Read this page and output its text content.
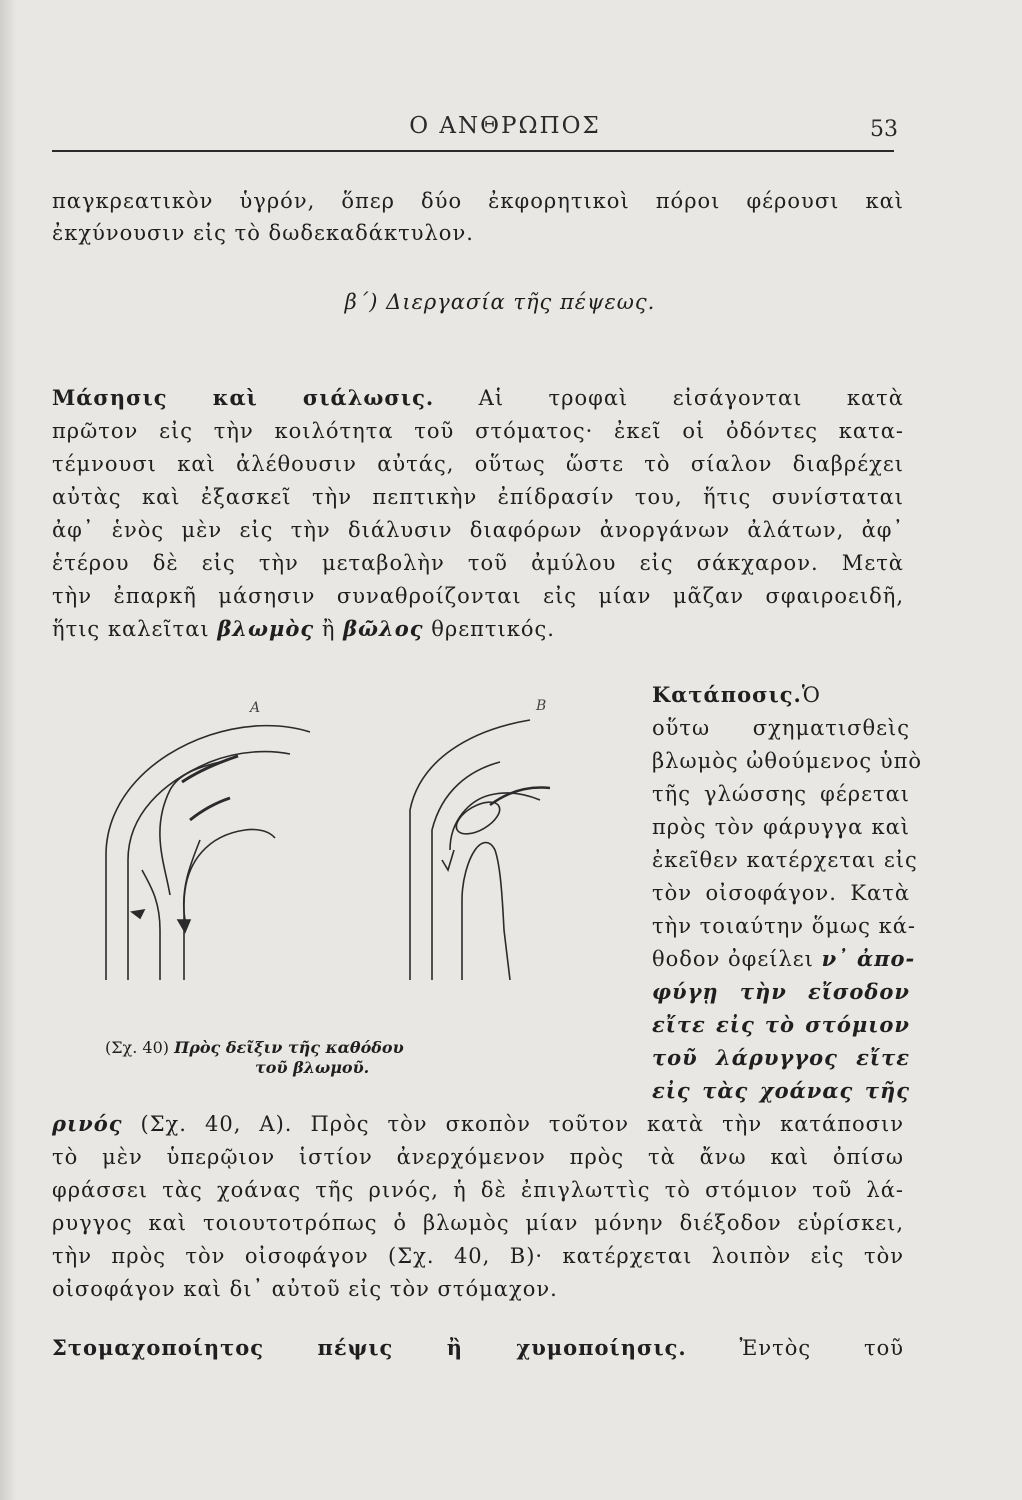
Ο ΑΝΘΡΩΠΟΣ	53
παγκρεατικὸν ὑγρόν, ὅπερ δύο ἐκφορητικοὶ πόροι φέρουσι καὶ
ἐκχύνουσιν εἰς τὸ δωδεκαδάκτυλον.
β΄) Διεργασία τῆς πέψεως.
Μάσησις καὶ σιάλωσις. Αἱ τροφαὶ εἰσάγονται κατὰ
πρῶτον εἰς τὴν κοιλότητα τοῦ στόματος· ἐκεῖ οἱ ὀδόντες κατα-
τέμνουσι καὶ ἀλέθουσιν αὐτάς, οὕτως ὥστε τὸ σίαλον διαβρέχει
αὐτὰς καὶ ἐξασκεῖ τὴν πεπτικὴν ἐπίδρασίν του, ἥτις συνίσταται
ἀφ᾽ ἑνὸς μὲν εἰς τὴν διάλυσιν διαφόρων ἀνοργάνων ἀλάτων, ἀφ᾽
ἑτέρου δὲ εἰς τὴν μεταβολὴν τοῦ ἀμύλου εἰς σάκχαρον. Μετὰ
τὴν ἐπαρκῆ μάσησιν συναθροίζονται εἰς μίαν μᾶζαν σφαιροειδῆ,
ἥτις καλεῖται βλωμὸς ἢ βῶλος θρεπτικός.
Κατάποσις.Ὁ
οὕτω σχηματισθεὶς
βλωμὸς ὠθούμενος ὑπὸ
τῆς γλώσσης φέρεται
πρὸς τὸν φάρυγγα καὶ
ἐκεῖθεν κατέρχεται εἰς
τὸν οἰσοφάγον. Κατὰ
τὴν τοιαύτην ὅμως κά-
θοδον ὀφείλει ν᾽ ἀπο-
φύγῃ τὴν εἴσοδον
εἴτε εἰς τὸ στόμιον
τοῦ λάρυγγος εἴτε
εἰς τὰς χοάνας τῆς
ρινός (Σχ. 40, Α). Πρὸς τὸν σκοπὸν τοῦτον κατὰ τὴν κατάποσιν
τὸ μὲν ὑπερῷιον ἱστίον ἀνερχόμενον πρὸς τὰ ἄνω καὶ ὀπίσω
φράσσει τὰς χοάνας τῆς ρινός, ἡ δὲ ἐπιγλωττὶς τὸ στόμιον τοῦ λά-
ρυγγος καὶ τοιουτοτρόπως ὁ βλωμὸς μίαν μόνην διέξοδον εὑρίσκει,
τὴν πρὸς τὸν οἰσοφάγον (Σχ. 40, Β)· κατέρχεται λοιπὸν εἰς τὸν
οἰσοφάγον καὶ δι᾽ αὐτοῦ εἰς τὸν στόμαχον.
Στομαχοποίητος πέψις ἢ χυμοποίησις. Ἐντὸς τοῦ
A	B
(Σχ. 40) Πρὸς δεῖξιν τῆς καθόδου
τοῦ βλωμοῦ.
